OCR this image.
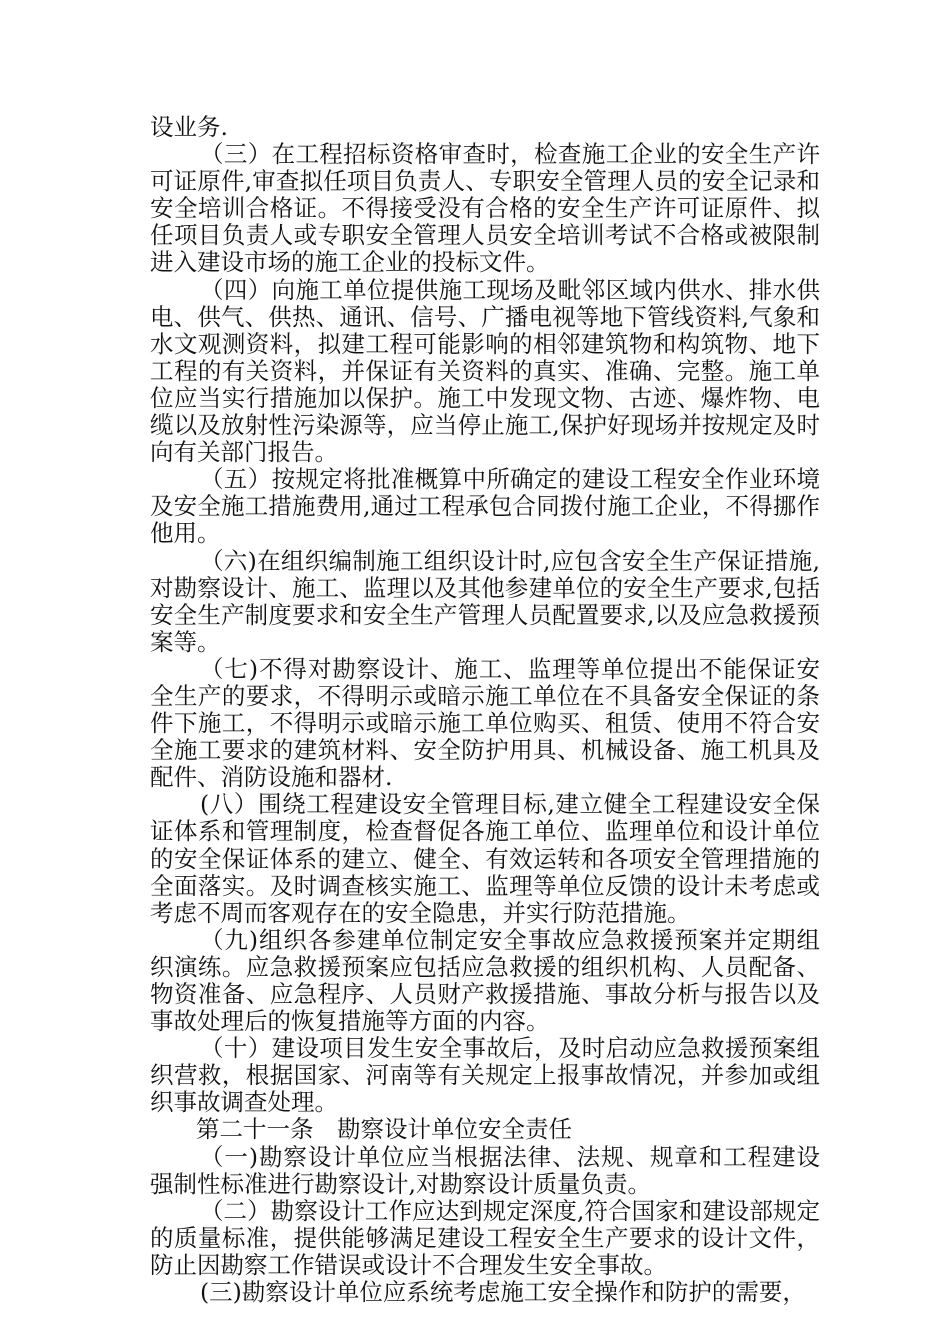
设业务.

（三）在工程招标资格审查时，检查施工企业的安全生产许可证原件,审查拟任项目负责人、专职安全管理人员的安全记录和安全培训合格证。不得接受没有合格的安全生产许可证原件、拟任项目负责人或专职安全管理人员安全培训考试不合格或被限制进入建设市场的施工企业的投标文件。

（四）向施工单位提供施工现场及毗邻区域内供水、排水供电、供气、供热、通讯、信号、广播电视等地下管线资料,气象和水文观测资料，拟建工程可能影响的相邻建筑物和构筑物、地下工程的有关资料，并保证有关资料的真实、准确、完整。施工单位应当实行措施加以保护。施工中发现文物、古迹、爆炸物、电缆以及放射性污染源等，应当停止施工,保护好现场并按规定及时向有关部门报告。

（五）按规定将批准概算中所确定的建设工程安全作业环境及安全施工措施费用,通过工程承包合同拨付施工企业，不得挪作他用。

（六)在组织编制施工组织设计时,应包含安全生产保证措施,对勘察设计、施工、监理以及其他参建单位的安全生产要求,包括安全生产制度要求和安全生产管理人员配置要求,以及应急救援预案等。

（七)不得对勘察设计、施工、监理等单位提出不能保证安全生产的要求，不得明示或暗示施工单位在不具备安全保证的条件下施工，不得明示或暗示施工单位购买、租赁、使用不符合安全施工要求的建筑材料、安全防护用具、机械设备、施工机具及配件、消防设施和器材.

(八）围绕工程建设安全管理目标,建立健全工程建设安全保证体系和管理制度，检查督促各施工单位、监理单位和设计单位的安全保证体系的建立、健全、有效运转和各项安全管理措施的全面落实。及时调查核实施工、监理等单位反馈的设计未考虑或考虑不周而客观存在的安全隐患，并实行防范措施。

（九)组织各参建单位制定安全事故应急救援预案并定期组织演练。应急救援预案应包括应急救援的组织机构、人员配备、物资准备、应急程序、人员财产救援措施、事故分析与报告以及事故处理后的恢复措施等方面的内容。

（十）建设项目发生安全事故后，及时启动应急救援预案组织营救，根据国家、河南等有关规定上报事故情况，并参加或组织事故调查处理。

第二十一条　勘察设计单位安全责任

（一)勘察设计单位应当根据法律、法规、规章和工程建设强制性标准进行勘察设计,对勘察设计质量负责。

（二）勘察设计工作应达到规定深度,符合国家和建设部规定的质量标准，提供能够满足建设工程安全生产要求的设计文件，防止因勘察工作错误或设计不合理发生安全事故。

(三)勘察设计单位应系统考虑施工安全操作和防护的需要，
